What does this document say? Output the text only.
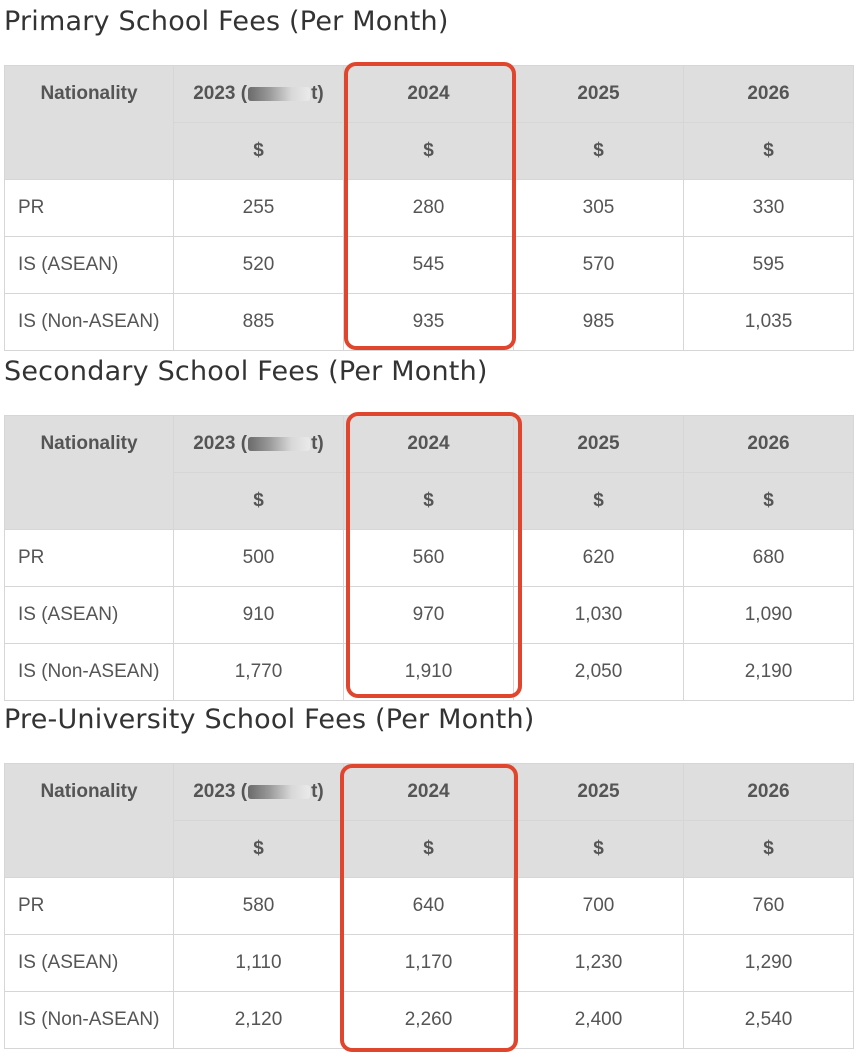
Primary School Fees (Per Month)
Nationality	2023 ( t)	2024	2025	2026
	$	$	$	$
PR	255	280	305	330
IS (ASEAN)	520	545	570	595
IS (Non-ASEAN)	885	935	985	1,035
Secondary School Fees (Per Month)
Nationality	2023 ( t)	2024	2025	2026
	$	$	$	$
PR	500	560	620	680
IS (ASEAN)	910	970	1,030	1,090
IS (Non-ASEAN)	1,770	1,910	2,050	2,190
Pre-University School Fees (Per Month)
Nationality	2023 ( t)	2024	2025	2026
	$	$	$	$
PR	580	640	700	760
IS (ASEAN)	1,110	1,170	1,230	1,290
IS (Non-ASEAN)	2,120	2,260	2,400	2,540
